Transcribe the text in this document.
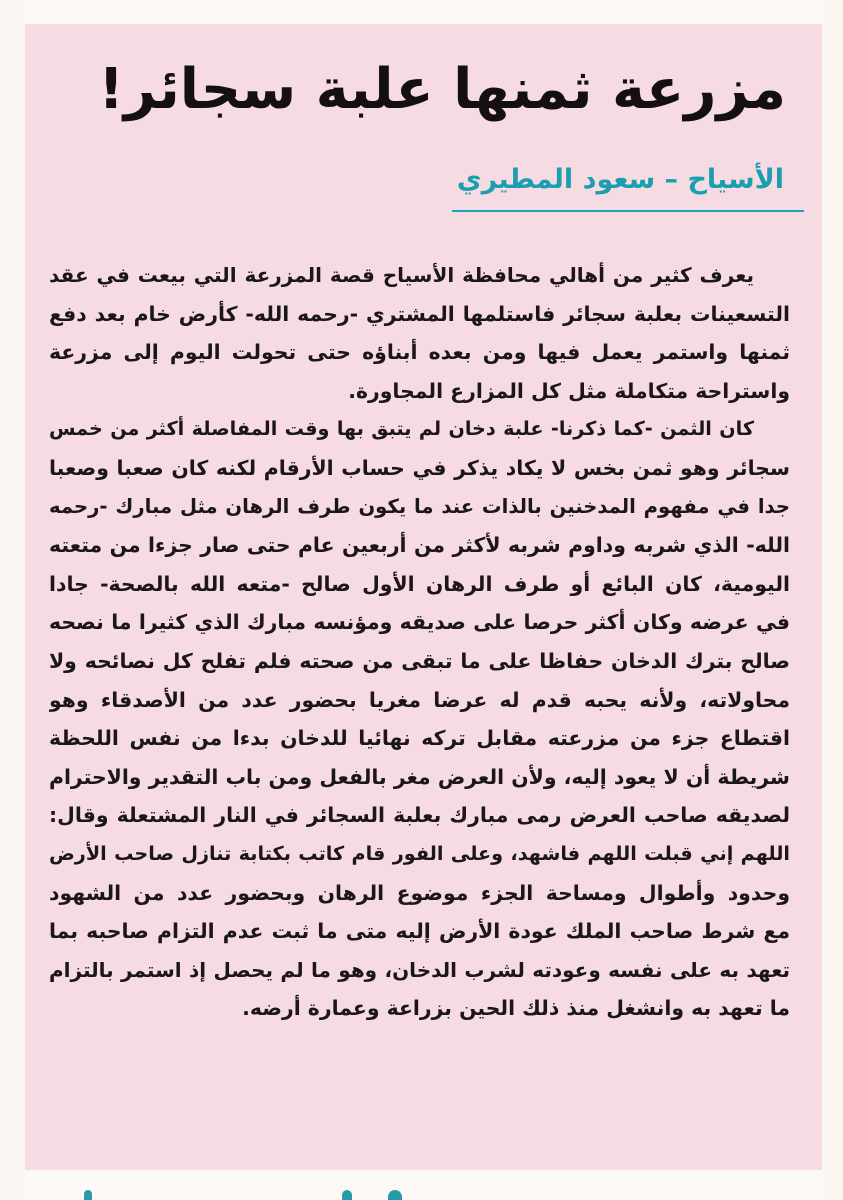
مزرعة ثمنها علبة سجائر!
الأسياح – سعود المطيري
يعرف كثير من أهالي محافظة الأسياح قصة المزرعة التي بيعت في عقد
التسعينات بعلبة سجائر فاستلمها المشتري -رحمه الله- كأرض خام بعد دفع
ثمنها واستمر يعمل فيها ومن بعده أبناؤه حتى تحولت اليوم إلى مزرعة
واستراحة متكاملة مثل كل المزارع المجاورة.
كان الثمن -كما ذكرنا- علبة دخان لم يتبق بها وقت المفاصلة أكثر من خمس
سجائر وهو ثمن بخس لا يكاد يذكر في حساب الأرقام لكنه كان صعبا وصعبا
جدا في مفهوم المدخنين بالذات عند ما يكون طرف الرهان مثل مبارك -رحمه
الله- الذي شربه وداوم شربه لأكثر من أربعين عام حتى صار جزءا من متعته
اليومية، كان البائع أو طرف الرهان الأول صالح -متعه الله بالصحة- جادا
في عرضه وكان أكثر حرصا على صديقه ومؤنسه مبارك الذي كثيرا ما نصحه
صالح بترك الدخان حفاظا على ما تبقى من صحته فلم تفلح كل نصائحه ولا
محاولاته، ولأنه يحبه قدم له عرضا مغريا بحضور عدد من الأصدقاء وهو
اقتطاع جزء من مزرعته مقابل تركه نهائيا للدخان بدءا من نفس اللحظة
شريطة أن لا يعود إليه، ولأن العرض مغر بالفعل ومن باب التقدير والاحترام
لصديقه صاحب العرض رمى مبارك بعلبة السجائر في النار المشتعلة وقال:
اللهم إني قبلت اللهم فاشهد، وعلى الفور قام كاتب بكتابة تنازل صاحب الأرض
وحدود وأطوال ومساحة الجزء موضوع الرهان وبحضور عدد من الشهود
مع شرط صاحب الملك عودة الأرض إليه متى ما ثبت عدم التزام صاحبه بما
تعهد به على نفسه وعودته لشرب الدخان، وهو ما لم يحصل إذ استمر بالتزام
ما تعهد به وانشغل منذ ذلك الحين بزراعة وعمارة أرضه.
